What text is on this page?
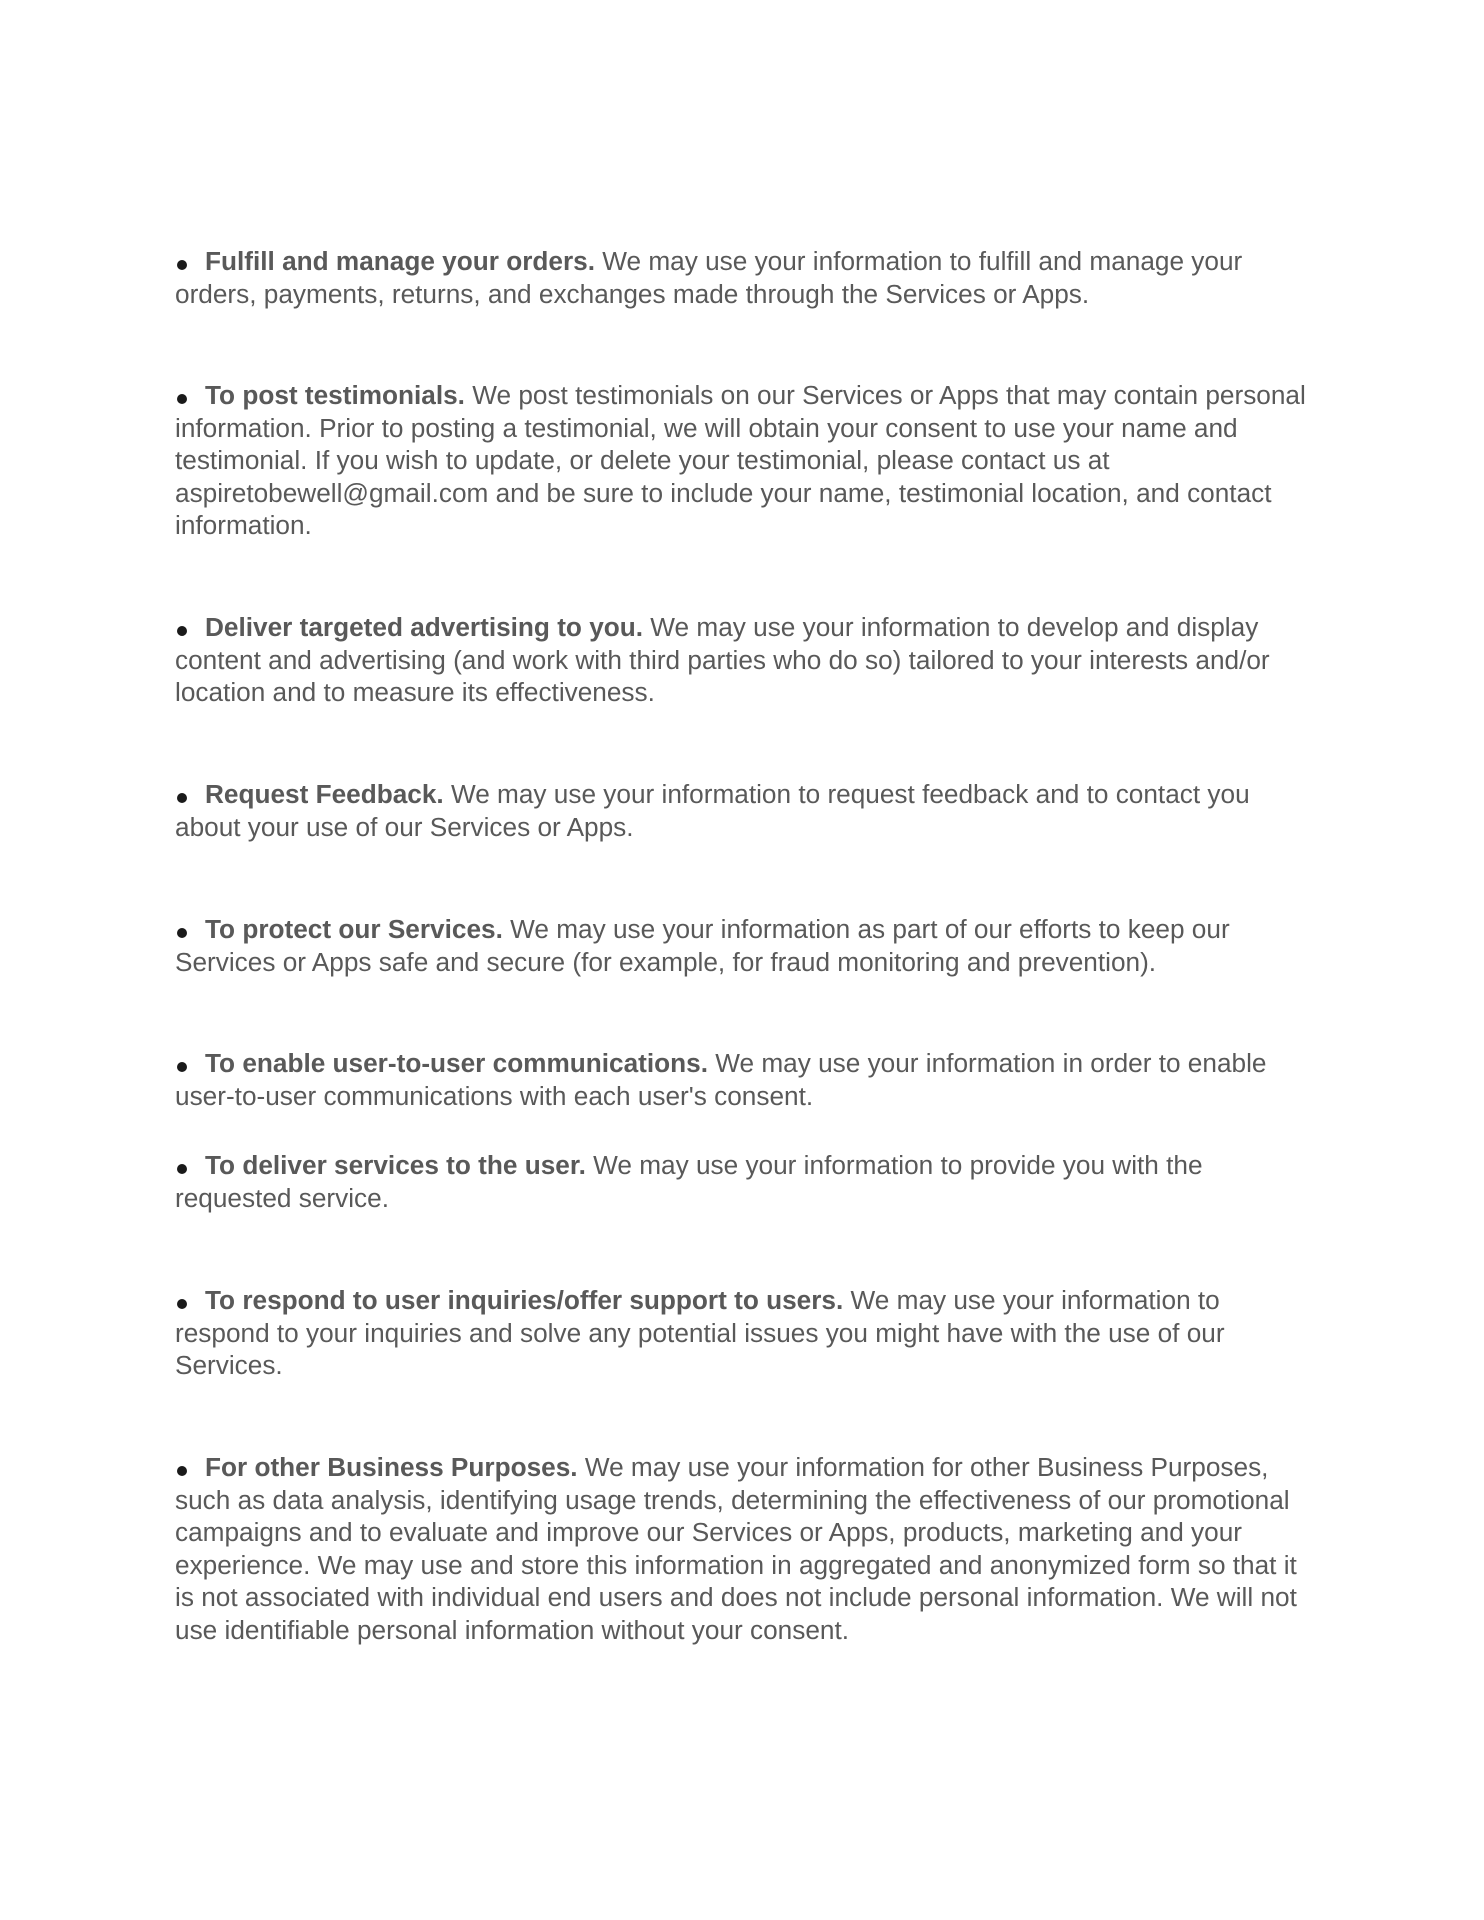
Fulfill and manage your orders. We may use your information to fulfill and manage your orders, payments, returns, and exchanges made through the Services or Apps.

To post testimonials. We post testimonials on our Services or Apps that may contain personal information. Prior to posting a testimonial, we will obtain your consent to use your name and testimonial. If you wish to update, or delete your testimonial, please contact us at aspiretobewell@gmail.com and be sure to include your name, testimonial location, and contact information.

Deliver targeted advertising to you. We may use your information to develop and display content and advertising (and work with third parties who do so) tailored to your interests and/or location and to measure its effectiveness.

Request Feedback. We may use your information to request feedback and to contact you about your use of our Services or Apps.

To protect our Services. We may use your information as part of our efforts to keep our Services or Apps safe and secure (for example, for fraud monitoring and prevention).

To enable user-to-user communications. We may use your information in order to enable user-to-user communications with each user's consent.

To deliver services to the user. We may use your information to provide you with the requested service.

To respond to user inquiries/offer support to users. We may use your information to respond to your inquiries and solve any potential issues you might have with the use of our Services.

For other Business Purposes. We may use your information for other Business Purposes, such as data analysis, identifying usage trends, determining the effectiveness of our promotional campaigns and to evaluate and improve our Services or Apps, products, marketing and your experience. We may use and store this information in aggregated and anonymized form so that it is not associated with individual end users and does not include personal information. We will not use identifiable personal information without your consent.
